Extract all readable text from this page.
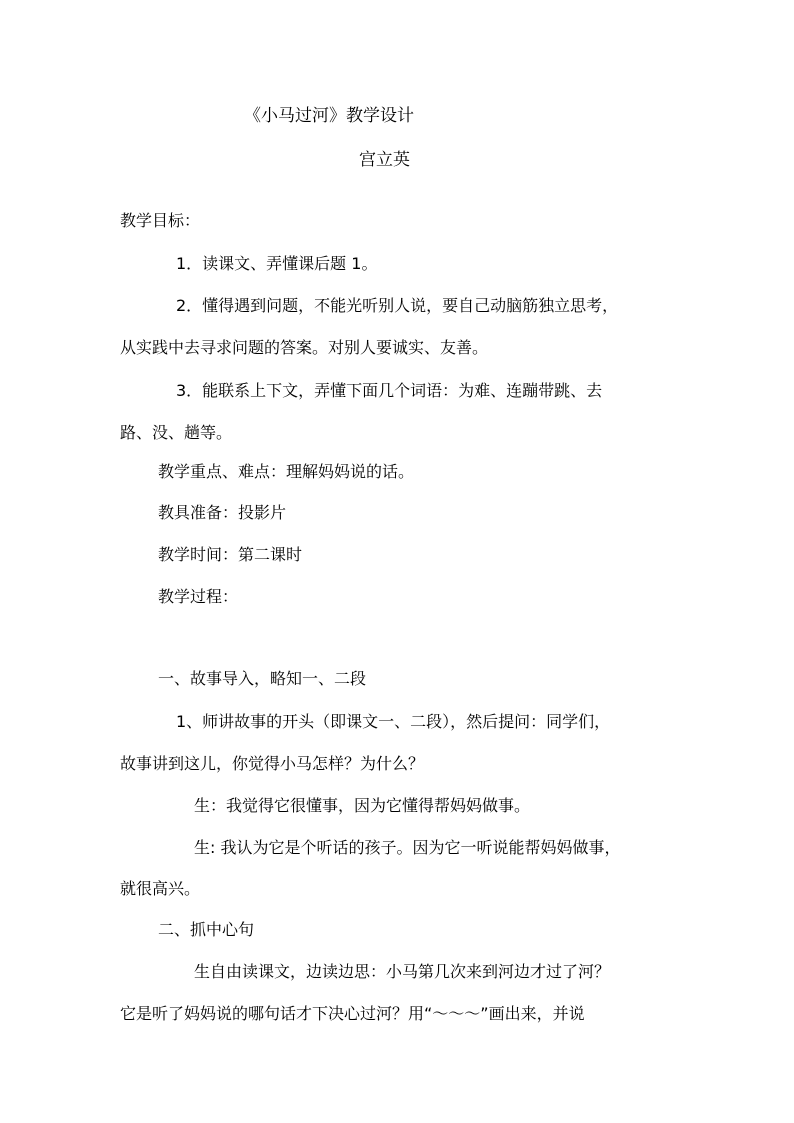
《小马过河》教学设计
宫立英
教学目标：
1．读课文、弄懂课后题 1。
2．懂得遇到问题，不能光听别人说，要自己动脑筋独立思考，
从实践中去寻求问题的答案。对别人要诚实、友善。
3．能联系上下文，弄懂下面几个词语：为难、连蹦带跳、去
路、没、趟等。
教学重点、难点：理解妈妈说的话。
教具准备：投影片
教学时间：第二课时
教学过程：
一、故事导入，略知一、二段
1、师讲故事的开头（即课文一、二段），然后提问：同学们，
故事讲到这儿，你觉得小马怎样？为什么？
生：我觉得它很懂事，因为它懂得帮妈妈做事。
生: 我认为它是个听话的孩子。因为它一听说能帮妈妈做事，
就很高兴。
二、抓中心句
生自由读课文，边读边思：小马第几次来到河边才过了河？
它是听了妈妈说的哪句话才下决心过河？用“～～～”画出来，并说
